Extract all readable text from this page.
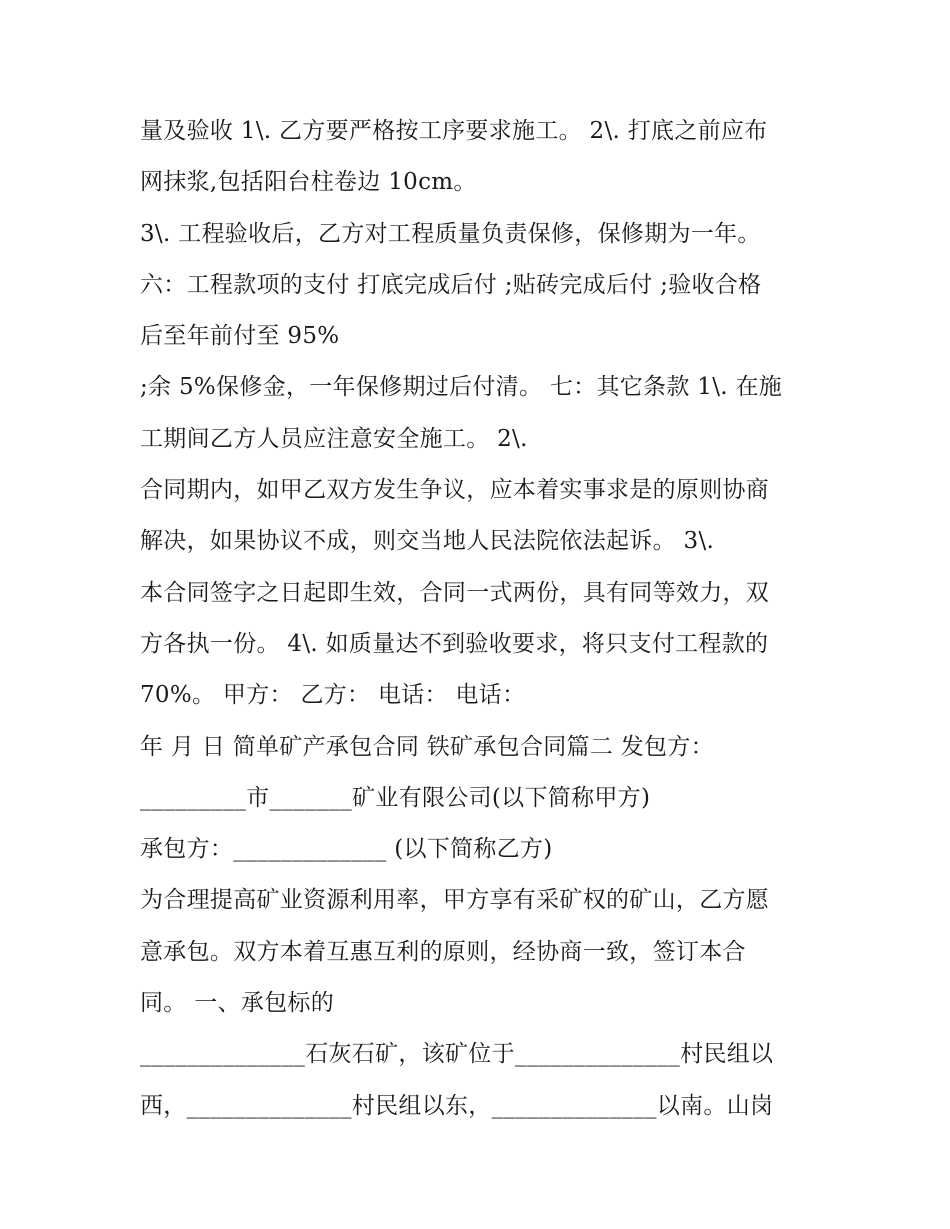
量及验收 1\. 乙方要严格按工序要求施工。 2\. 打底之前应布
网抹浆,包括阳台柱卷边 10cm。
3\. 工程验收后，乙方对工程质量负责保修，保修期为一年。
六：工程款项的支付 打底完成后付 ;贴砖完成后付 ;验收合格
后至年前付至 95%
;余 5%保修金，一年保修期过后付清。 七：其它条款 1\. 在施
工期间乙方人员应注意安全施工。 2\.
合同期内，如甲乙双方发生争议，应本着实事求是的原则协商
解决，如果协议不成，则交当地人民法院依法起诉。 3\.
本合同签字之日起即生效，合同一式两份，具有同等效力，双
方各执一份。 4\. 如质量达不到验收要求，将只支付工程款的
70%。 甲方： 乙方： 电话： 电话：
年 月 日 简单矿产承包合同 铁矿承包合同篇二 发包方：
_________市_______矿业有限公司(以下简称甲方)
承包方：_____________ (以下简称乙方)
为合理提高矿业资源利用率，甲方享有采矿权的矿山，乙方愿
意承包。双方本着互惠互利的原则，经协商一致，签订本合
同。 一、承包标的
______________石灰石矿，该矿位于______________村民组以
西，______________村民组以东，______________以南。山岗
